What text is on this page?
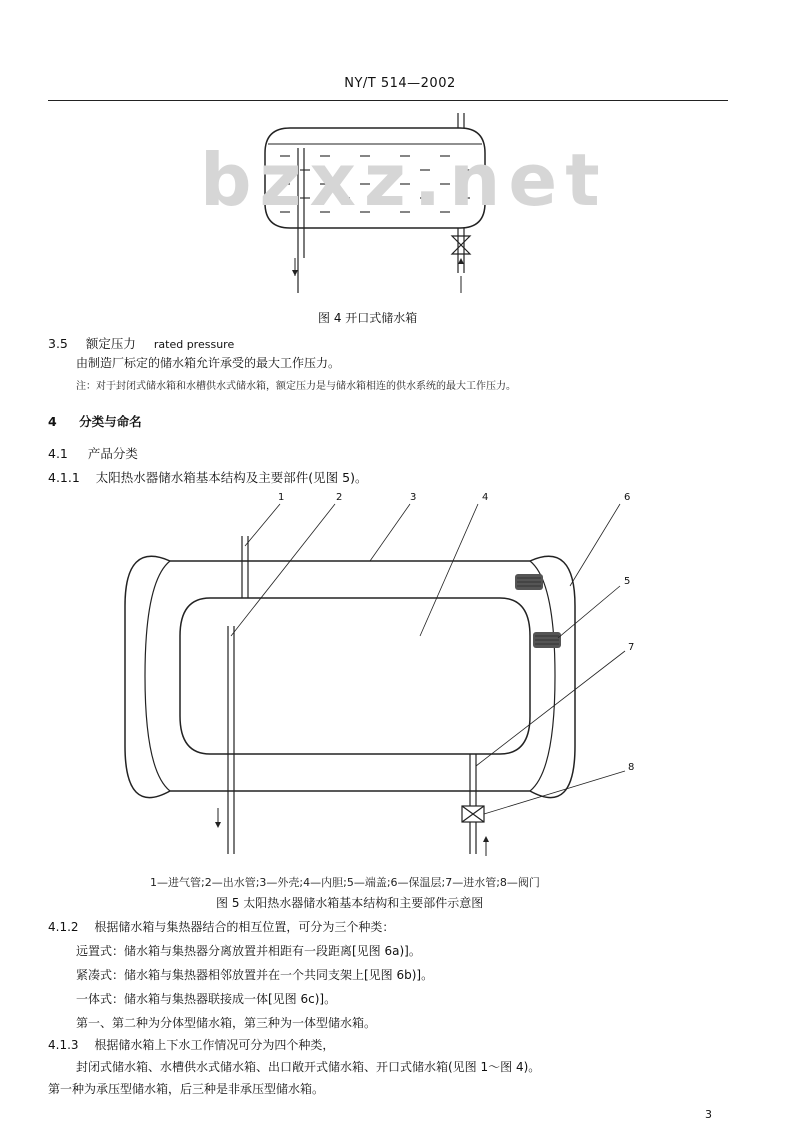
NY/T 514—2002
bzxz.net
图 4 开口式储水箱
3.5 额定压力 rated pressure
由制造厂标定的储水箱允许承受的最大工作压力。
注：对于封闭式储水箱和水槽供水式储水箱，额定压力是与储水箱相连的供水系统的最大工作压力。
4 分类与命名
4.1 产品分类
4.1.1 太阳热水器储水箱基本结构及主要部件(见图 5)。
1	2	3	4	6
5
7
8
1—进气管;2—出水管;3—外壳;4—内胆;5—端盖;6—保温层;7—进水管;8—阀门
图 5 太阳热水器储水箱基本结构和主要部件示意图
4.1.2 根据储水箱与集热器结合的相互位置，可分为三个种类：
远置式：储水箱与集热器分离放置并相距有一段距离[见图 6a)]。
紧凑式：储水箱与集热器相邻放置并在一个共同支架上[见图 6b)]。
一体式：储水箱与集热器联接成一体[见图 6c)]。
第一、第二种为分体型储水箱，第三种为一体型储水箱。
4.1.3 根据储水箱上下水工作情况可分为四个种类，
封闭式储水箱、水槽供水式储水箱、出口敞开式储水箱、开口式储水箱(见图 1～图 4)。
第一种为承压型储水箱，后三种是非承压型储水箱。
3
